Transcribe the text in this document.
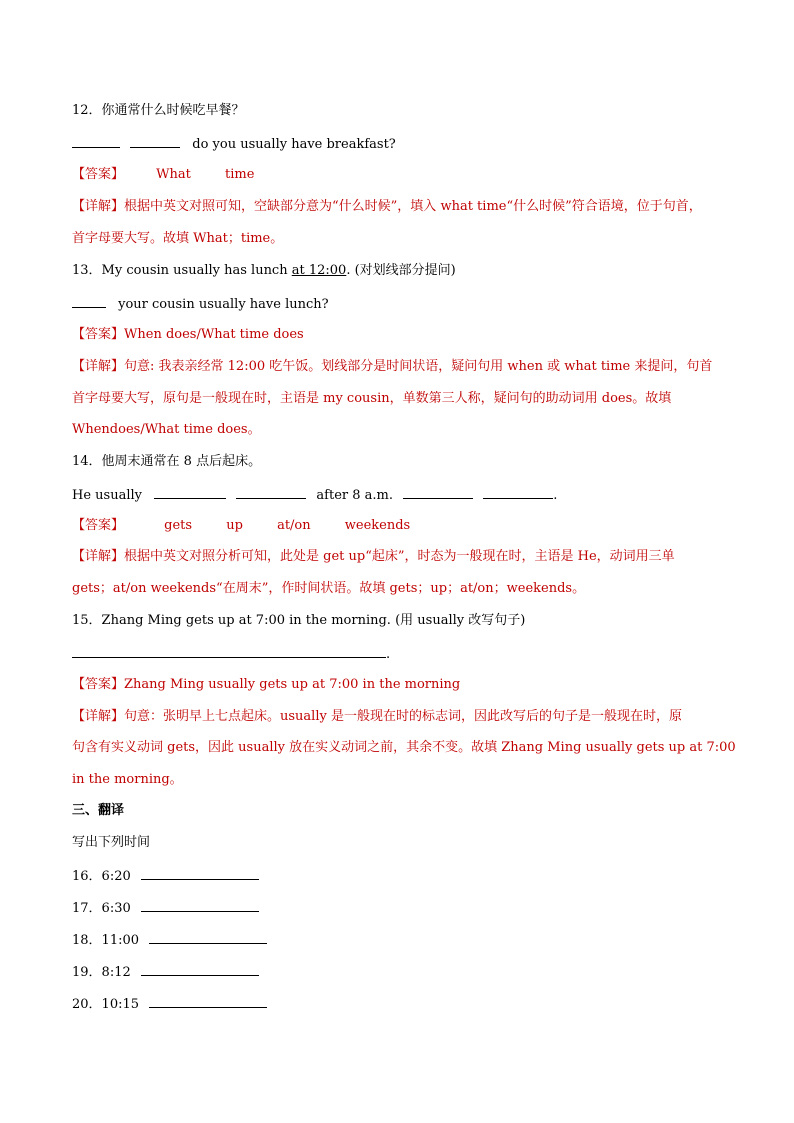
12．你通常什么时候吃早餐？
do you usually have breakfast?
【答案】 What	time
【详解】根据中英文对照可知，空缺部分意为“什么时候”，填入 what time“什么时候”符合语境，位于句首，
首字母要大写。故填 What；time。
13．My cousin usually has lunch at 12:00. (对划线部分提问)
your cousin usually have lunch?
【答案】When does/What time does
【详解】句意: 我表亲经常 12:00 吃午饭。划线部分是时间状语，疑问句用 when 或 what time 来提问，句首
首字母要大写，原句是一般现在时，主语是 my cousin，单数第三人称，疑问句的助动词用 does。故填
Whendoes/What time does。
14．他周末通常在 8 点后起床。
He usually	after 8 a.m.	.
【答案】	gets	up	at/on	weekends
【详解】根据中英文对照分析可知，此处是 get up“起床”，时态为一般现在时，主语是 He，动词用三单
gets；at/on weekends“在周末”，作时间状语。故填 gets；up；at/on；weekends。
15．Zhang Ming gets up at 7:00 in the morning. (用 usually 改写句子)
.
【答案】Zhang Ming usually gets up at 7:00 in the morning
【详解】句意：张明早上七点起床。usually 是一般现在时的标志词，因此改写后的句子是一般现在时，原
句含有实义动词 gets，因此 usually 放在实义动词之前，其余不变。故填 Zhang Ming usually gets up at 7:00
in the morning。
三、翻译
写出下列时间
16．6:20
17．6:30
18．11:00
19．8:12
20．10:15
